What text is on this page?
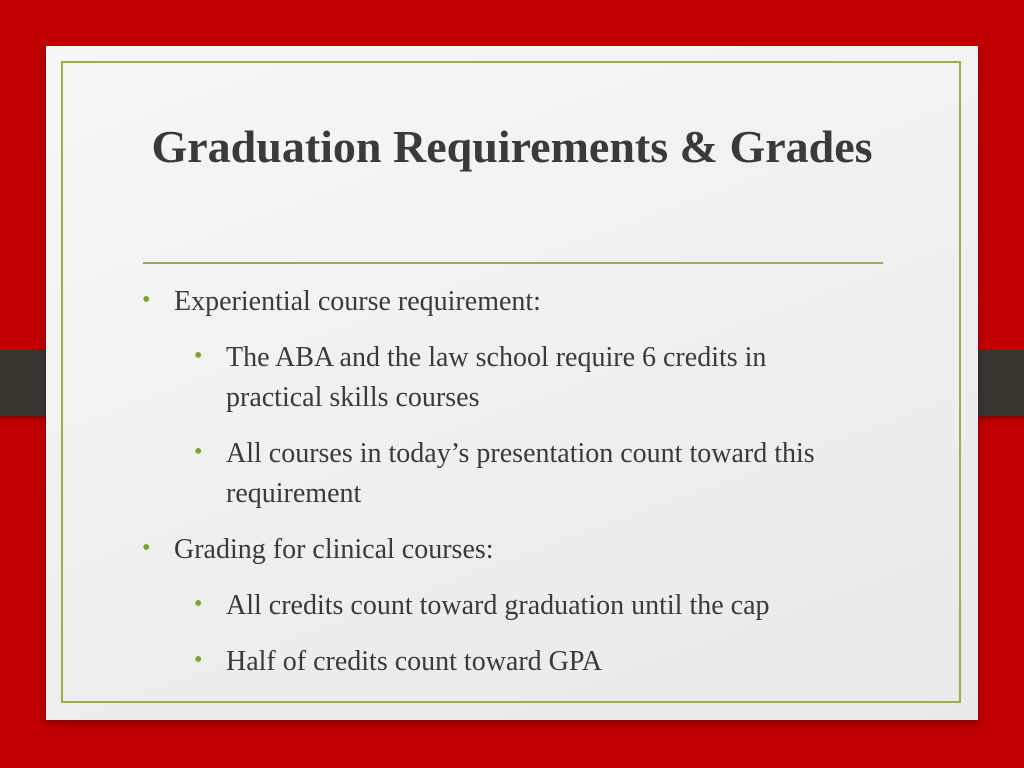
Graduation Requirements & Grades
• Experiential course requirement:
• The ABA and the law school require 6 credits in practical skills courses
• All courses in today’s presentation count toward this requirement
• Grading for clinical courses:
• All credits count toward graduation until the cap
• Half of credits count toward GPA
